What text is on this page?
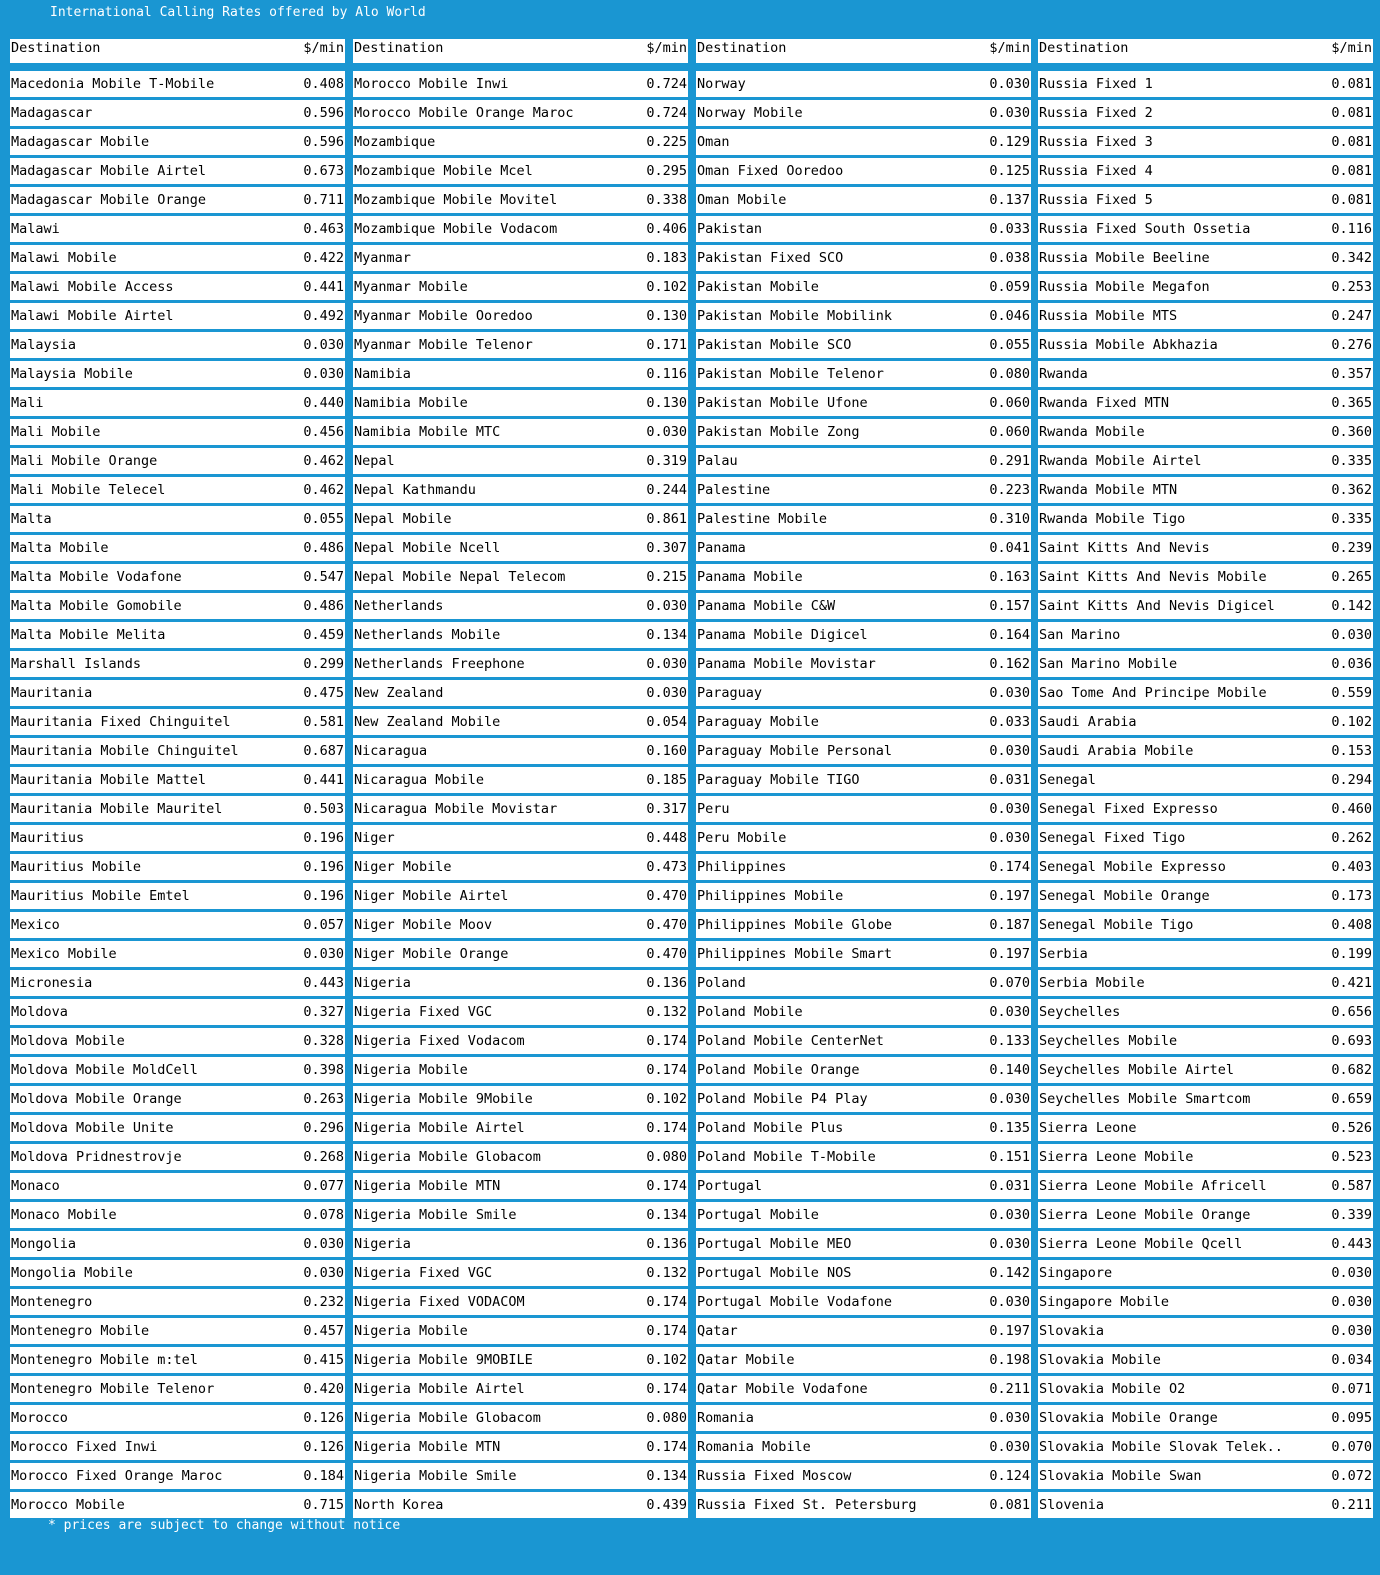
International Calling Rates offered by Alo World

Destination

	$/min

Macedonia Mobile T-Mobile	0.408
Madagascar	0.596
Madagascar Mobile	0.596
Madagascar Mobile Airtel	0.673
Madagascar Mobile Orange	0.711
Malawi	0.463
Malawi Mobile	0.422
Malawi Mobile Access	0.441
Malawi Mobile Airtel	0.492
Malaysia	0.030
Malaysia Mobile	0.030
Mali	0.440
Mali Mobile	0.456
Mali Mobile Orange	0.462
Mali Mobile Telecel	0.462
Malta	0.055
Malta Mobile	0.486
Malta Mobile Vodafone	0.547
Malta Mobile Gomobile	0.486
Malta Mobile Melita	0.459
Marshall Islands	0.299
Mauritania	0.475
Mauritania Fixed Chinguitel	0.581
Mauritania Mobile Chinguitel	0.687
Mauritania Mobile Mattel	0.441
Mauritania Mobile Mauritel	0.503
Mauritius	0.196
Mauritius Mobile	0.196
Mauritius Mobile Emtel	0.196
Mexico	0.057
Mexico Mobile	0.030
Micronesia	0.443
Moldova	0.327
Moldova Mobile	0.328
Moldova Mobile MoldCell	0.398
Moldova Mobile Orange	0.263
Moldova Mobile Unite	0.296
Moldova Pridnestrovje	0.268
Monaco	0.077
Monaco Mobile	0.078
Mongolia	0.030
Mongolia Mobile	0.030
Montenegro	0.232
Montenegro Mobile	0.457
Montenegro Mobile m:tel	0.415
Montenegro Mobile Telenor	0.420
Morocco	0.126
Morocco Fixed Inwi	0.126
Morocco Fixed Orange Maroc	0.184
Morocco Mobile	0.715

Destination

	$/min

Morocco Mobile Inwi	0.724
Morocco Mobile Orange Maroc	0.724
Mozambique	0.225
Mozambique Mobile Mcel	0.295
Mozambique Mobile Movitel	0.338
Mozambique Mobile Vodacom	0.406
Myanmar	0.183
Myanmar Mobile	0.102
Myanmar Mobile Ooredoo	0.130
Myanmar Mobile Telenor	0.171
Namibia	0.116
Namibia Mobile	0.130
Namibia Mobile MTC	0.030
Nepal	0.319
Nepal Kathmandu	0.244
Nepal Mobile	0.861
Nepal Mobile Ncell	0.307
Nepal Mobile Nepal Telecom	0.215
Netherlands	0.030
Netherlands Mobile	0.134
Netherlands Freephone	0.030
New Zealand	0.030
New Zealand Mobile	0.054
Nicaragua	0.160
Nicaragua Mobile	0.185
Nicaragua Mobile Movistar	0.317
Niger	0.448
Niger Mobile	0.473
Niger Mobile Airtel	0.470
Niger Mobile Moov	0.470
Niger Mobile Orange	0.470
Nigeria	0.136
Nigeria Fixed VGC	0.132
Nigeria Fixed Vodacom	0.174
Nigeria Mobile	0.174
Nigeria Mobile 9Mobile	0.102
Nigeria Mobile Airtel	0.174
Nigeria Mobile Globacom	0.080
Nigeria Mobile MTN	0.174
Nigeria Mobile Smile	0.134
Nigeria	0.136
Nigeria Fixed VGC	0.132
Nigeria Fixed VODACOM	0.174
Nigeria Mobile	0.174
Nigeria Mobile 9MOBILE	0.102
Nigeria Mobile Airtel	0.174
Nigeria Mobile Globacom	0.080
Nigeria Mobile MTN	0.174
Nigeria Mobile Smile	0.134
North Korea	0.439

Destination

	$/min

Norway	0.030
Norway Mobile	0.030
Oman	0.129
Oman Fixed Ooredoo	0.125
Oman Mobile	0.137
Pakistan	0.033
Pakistan Fixed SCO	0.038
Pakistan Mobile	0.059
Pakistan Mobile Mobilink	0.046
Pakistan Mobile SCO	0.055
Pakistan Mobile Telenor	0.080
Pakistan Mobile Ufone	0.060
Pakistan Mobile Zong	0.060
Palau	0.291
Palestine	0.223
Palestine Mobile	0.310
Panama	0.041
Panama Mobile	0.163
Panama Mobile C&W	0.157
Panama Mobile Digicel	0.164
Panama Mobile Movistar	0.162
Paraguay	0.030
Paraguay Mobile	0.033
Paraguay Mobile Personal	0.030
Paraguay Mobile TIGO	0.031
Peru	0.030
Peru Mobile	0.030
Philippines	0.174
Philippines Mobile	0.197
Philippines Mobile Globe	0.187
Philippines Mobile Smart	0.197
Poland	0.070
Poland Mobile	0.030
Poland Mobile CenterNet	0.133
Poland Mobile Orange	0.140
Poland Mobile P4 Play	0.030
Poland Mobile Plus	0.135
Poland Mobile T-Mobile	0.151
Portugal	0.031
Portugal Mobile	0.030
Portugal Mobile MEO	0.030
Portugal Mobile NOS	0.142
Portugal Mobile Vodafone	0.030
Qatar	0.197
Qatar Mobile	0.198
Qatar Mobile Vodafone	0.211
Romania	0.030
Romania Mobile	0.030
Russia Fixed Moscow	0.124
Russia Fixed St. Petersburg	0.081

Destination

	$/min

Russia Fixed 1	0.081
Russia Fixed 2	0.081
Russia Fixed 3	0.081
Russia Fixed 4	0.081
Russia Fixed 5	0.081
Russia Fixed South Ossetia	0.116
Russia Mobile Beeline	0.342
Russia Mobile Megafon	0.253
Russia Mobile MTS	0.247
Russia Mobile Abkhazia	0.276
Rwanda	0.357
Rwanda Fixed MTN	0.365
Rwanda Mobile	0.360
Rwanda Mobile Airtel	0.335
Rwanda Mobile MTN	0.362
Rwanda Mobile Tigo	0.335
Saint Kitts And Nevis	0.239
Saint Kitts And Nevis Mobile	0.265
Saint Kitts And Nevis Digicel	0.142
San Marino	0.030
San Marino Mobile	0.036
Sao Tome And Principe Mobile	0.559
Saudi Arabia	0.102
Saudi Arabia Mobile	0.153
Senegal	0.294
Senegal Fixed Expresso	0.460
Senegal Fixed Tigo	0.262
Senegal Mobile Expresso	0.403
Senegal Mobile Orange	0.173
Senegal Mobile Tigo	0.408
Serbia	0.199
Serbia Mobile	0.421
Seychelles	0.656
Seychelles Mobile	0.693
Seychelles Mobile Airtel	0.682
Seychelles Mobile Smartcom	0.659
Sierra Leone	0.526
Sierra Leone Mobile	0.523
Sierra Leone Mobile Africell	0.587
Sierra Leone Mobile Orange	0.339
Sierra Leone Mobile Qcell	0.443
Singapore	0.030
Singapore Mobile	0.030
Slovakia	0.030
Slovakia Mobile	0.034
Slovakia Mobile O2	0.071
Slovakia Mobile Orange	0.095
Slovakia Mobile Slovak Telek..	0.070
Slovakia Mobile Swan	0.072
Slovenia	0.211
* prices are subject to change without notice
